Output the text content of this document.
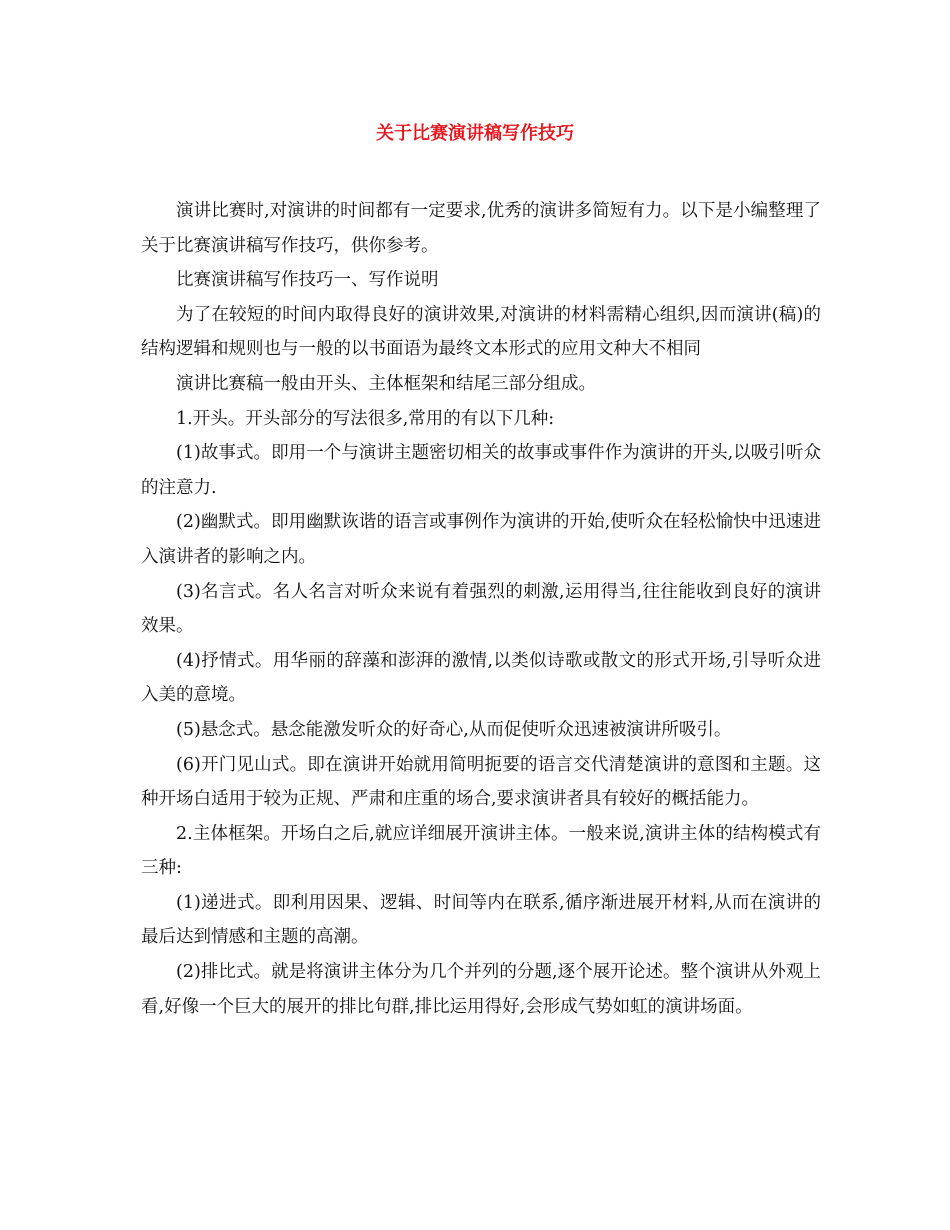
关于比赛演讲稿写作技巧

演讲比赛时,对演讲的时间都有一定要求,优秀的演讲多简短有力。以下是小编整理了关于比赛演讲稿写作技巧，供你参考。

比赛演讲稿写作技巧一、写作说明

为了在较短的时间内取得良好的演讲效果,对演讲的材料需精心组织,因而演讲(稿)的结构逻辑和规则也与一般的以书面语为最终文本形式的应用文种大不相同

演讲比赛稿一般由开头、主体框架和结尾三部分组成。

1.开头。开头部分的写法很多,常用的有以下几种:

(1)故事式。即用一个与演讲主题密切相关的故事或事件作为演讲的开头,以吸引听众的注意力.

(2)幽默式。即用幽默诙谐的语言或事例作为演讲的开始,使听众在轻松愉快中迅速进入演讲者的影响之内。

(3)名言式。名人名言对听众来说有着强烈的刺激,运用得当,往往能收到良好的演讲效果。

(4)抒情式。用华丽的辞藻和澎湃的激情,以类似诗歌或散文的形式开场,引导听众进入美的意境。

(5)悬念式。悬念能激发听众的好奇心,从而促使听众迅速被演讲所吸引。

(6)开门见山式。即在演讲开始就用简明扼要的语言交代清楚演讲的意图和主题。这种开场白适用于较为正规、严肃和庄重的场合,要求演讲者具有较好的概括能力。

2.主体框架。开场白之后,就应详细展开演讲主体。一般来说,演讲主体的结构模式有三种:

(1)递进式。即利用因果、逻辑、时间等内在联系,循序渐进展开材料,从而在演讲的最后达到情感和主题的高潮。

(2)排比式。就是将演讲主体分为几个并列的分题,逐个展开论述。整个演讲从外观上看,好像一个巨大的展开的排比句群,排比运用得好,会形成气势如虹的演讲场面。
